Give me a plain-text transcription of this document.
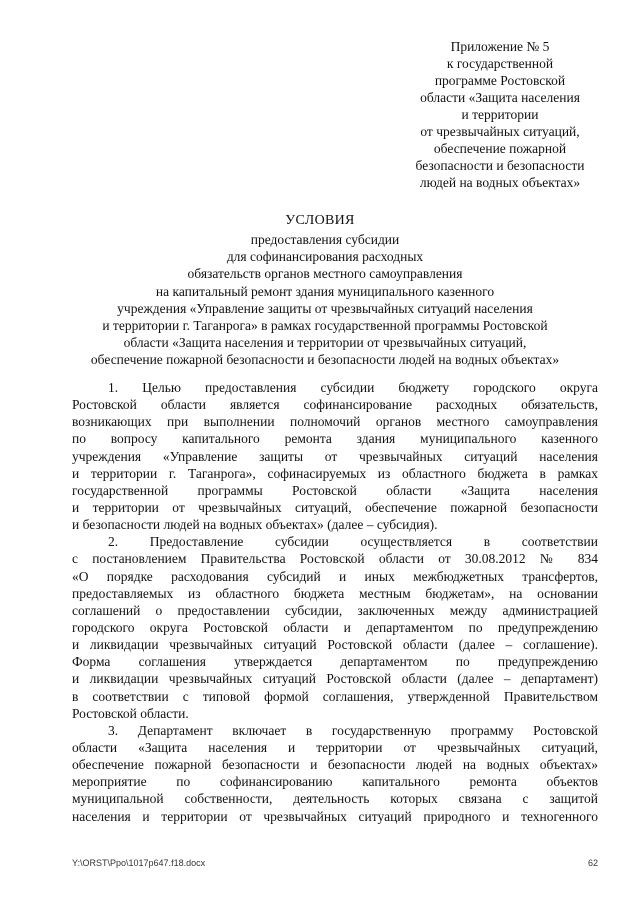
Приложение № 5
к государственной
программе Ростовской
области «Защита населения
и территории
от чрезвычайных ситуаций,
обеспечение пожарной
безопасности и безопасности
людей на водных объектах»
УСЛОВИЯ
предоставления субсидии
для софинансирования расходных
обязательств органов местного самоуправления
на капитальный ремонт здания муниципального казенного
учреждения «Управление защиты от чрезвычайных ситуаций населения
и территории г. Таганрога» в рамках государственной программы Ростовской
области «Защита населения и территории от чрезвычайных ситуаций,
обеспечение пожарной безопасности и безопасности людей на водных объектах»
1. Целью предоставления субсидии бюджету городского округа
Ростовской области является софинансирование расходных обязательств,
возникающих при выполнении полномочий органов местного самоуправления
по вопросу капитального ремонта здания муниципального казенного
учреждения «Управление защиты от чрезвычайных ситуаций населения
и территории г. Таганрога», софинасируемых из областного бюджета в рамках
государственной программы Ростовской области «Защита населения
и территории от чрезвычайных ситуаций, обеспечение пожарной безопасности
и безопасности людей на водных объектах» (далее – субсидия).
2. Предоставление субсидии осуществляется в соответствии
с постановлением Правительства Ростовской области от 30.08.2012 № 834
«О порядке расходования субсидий и иных межбюджетных трансфертов,
предоставляемых из областного бюджета местным бюджетам», на основании
соглашений о предоставлении субсидии, заключенных между администрацией
городского округа Ростовской области и департаментом по предупреждению
и ликвидации чрезвычайных ситуаций Ростовской области (далее – соглашение).
Форма соглашения утверждается департаментом по предупреждению
и ликвидации чрезвычайных ситуаций Ростовской области (далее – департамент)
в соответствии с типовой формой соглашения, утвержденной Правительством
Ростовской области.
3. Департамент включает в государственную программу Ростовской
области «Защита населения и территории от чрезвычайных ситуаций,
обеспечение пожарной безопасности и безопасности людей на водных объектах»
мероприятие по софинансированию капитального ремонта объектов
муниципальной собственности, деятельность которых связана с защитой
населения и территории от чрезвычайных ситуаций природного и техногенного
Y:\ORST\Ppo\1017p647.f18.docx	62
